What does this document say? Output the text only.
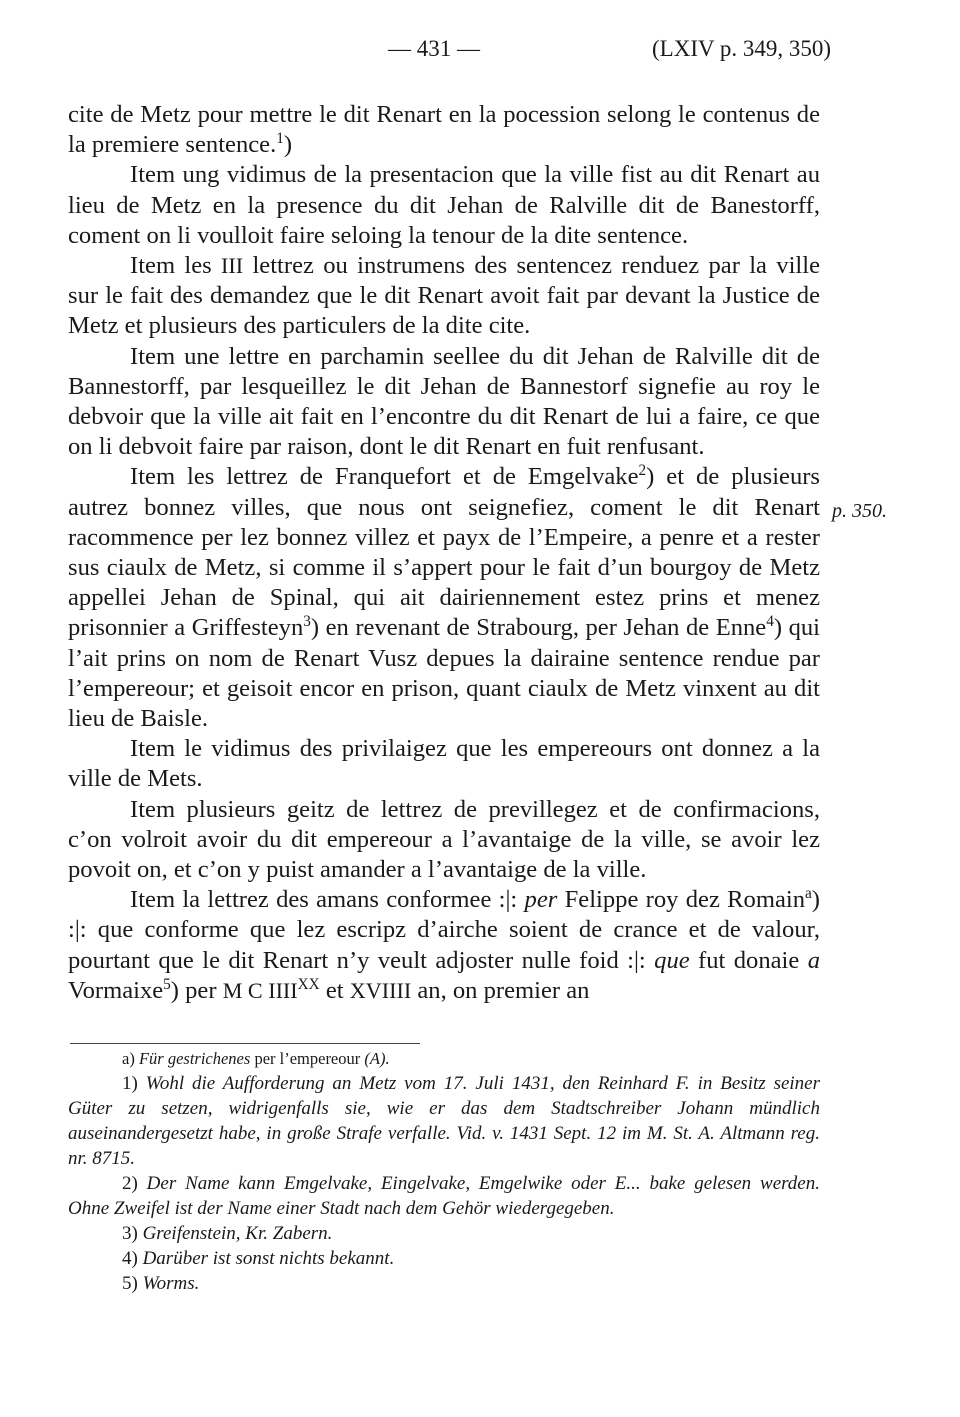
— 431 —	(LXIV p. 349, 350)
p. 350.

cite de Metz pour mettre le dit Renart en la pocession selong le contenus de la premiere sentence.$^1$)

Item ung vidimus de la presentacion que la ville fist au dit Renart au lieu de Metz en la presence du dit Jehan de Ralville dit de Banestorff, coment on li voulloit faire seloing la tenour de la dite sentence.

Item les III lettrez ou instrumens des sentencez renduez par la ville sur le fait des demandez que le dit Renart avoit fait par devant la Justice de Metz et plusieurs des particulers de la dite cite.

Item une lettre en parchamin seellee du dit Jehan de Ralville dit de Bannestorff, par lesqueillez le dit Jehan de Bannestorf signefie au roy le debvoir que la ville ait fait en l’encontre du dit Renart de lui a faire, ce que on li debvoit faire par raison, dont le dit Renart en fuit renfusant.

Item les lettrez de Franquefort et de Emgelvake$^2$) et de plusieurs autrez bonnez villes, que nous ont seignefiez, coment le dit Renart racommence per lez bonnez villez et payx de l’Empeire, a penre et a rester sus ciaulx de Metz, si comme il s’appert pour le fait d’un bourgoy de Metz appellei Jehan de Spinal, qui ait dairiennement estez prins et menez prisonnier a Griffesteyn$^3$) en revenant de Strabourg, per Jehan de Enne$^4$) qui l’ait prins on nom de Renart Vusz depues la dairaine sentence rendue par l’empereour; et geisoit encor en prison, quant ciaulx de Metz vinxent au dit lieu de Baisle.

Item le vidimus des privilaigez que les empereours ont donnez a la ville de Mets.

Item plusieurs geitz de lettrez de previllegez et de confirmacions, c’on volroit avoir du dit empereour a l’avantaige de la ville, se avoir lez povoit on, et c’on y puist amander a l’avantaige de la ville.

Item la lettrez des amans conformee :|: per Felippe roy dez Romain$^a$) :|: que conforme que lez escripz d’airche soient de crance et de valour, pourtant que le dit Renart n’y veult adjoster nulle foid :|: que fut donaie a Vormaixe$^5$) per M C IIII$^{XX}$ et XVIIII an, on premier an

a) Für gestrichenes per l’empereour (A).

1) Wohl die Aufforderung an Metz vom 17. Juli 1431, den Reinhard F. in Besitz seiner Güter zu setzen, widrigenfalls sie, wie er das dem Stadtschreiber Johann mündlich auseinandergesetzt habe, in große Strafe verfalle. Vid. v. 1431 Sept. 12 im M. St. A. Altmann reg. nr. 8715.

2) Der Name kann Emgelvake, Eingelvake, Emgelwike oder E... bake gelesen werden. Ohne Zweifel ist der Name einer Stadt nach dem Gehör wiedergegeben.

3) Greifenstein, Kr. Zabern.

4) Darüber ist sonst nichts bekannt.

5) Worms.
